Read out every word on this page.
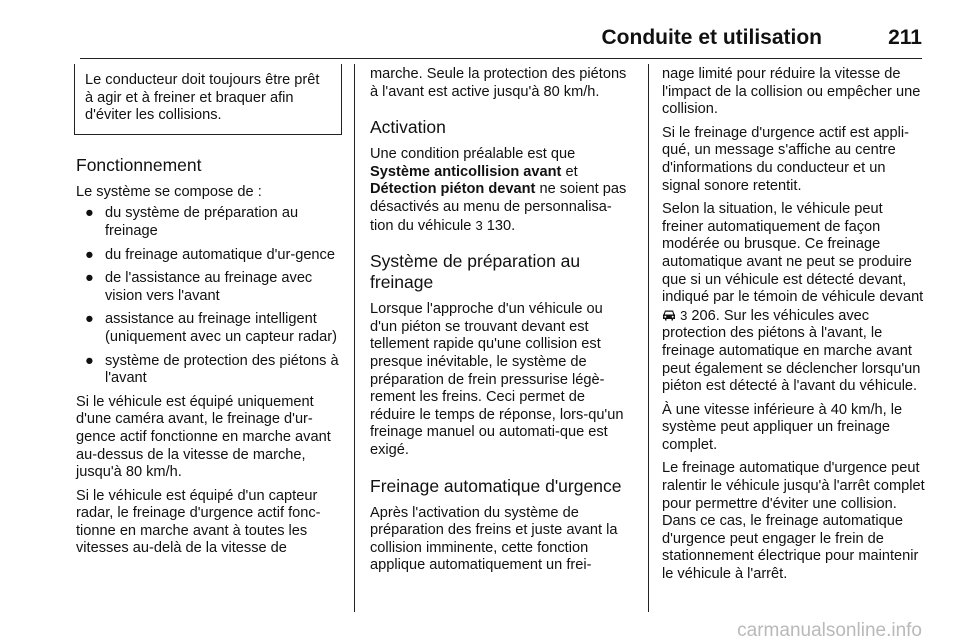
Conduite et utilisation	211
Le conducteur doit toujours être prêt à agir et à freiner et braquer afin d'éviter les collisions.
Fonctionnement

Le système se compose de :

● du système de préparation au freinage
● du freinage automatique d'ur-gence
● de l'assistance au freinage avec vision vers l'avant
● assistance au freinage intelligent (uniquement avec un capteur radar)
● système de protection des piétons à l'avant

Si le véhicule est équipé uniquement d'une caméra avant, le freinage d'ur-gence actif fonctionne en marche avant au-dessus de la vitesse de marche, jusqu'à 80 km/h.

Si le véhicule est équipé d'un capteur radar, le freinage d'urgence actif fonc-tionne en marche avant à toutes les vitesses au-delà de la vitesse de

marche. Seule la protection des piétons à l'avant est active jusqu'à 80 km/h.

Activation

Une condition préalable est que Système anticollision avant et Détection piéton devant ne soient pas désactivés au menu de personnalisa-tion du véhicule 3 130.

Système de préparation au freinage

Lorsque l'approche d'un véhicule ou d'un piéton se trouvant devant est tellement rapide qu'une collision est presque inévitable, le système de préparation de frein pressurise légè-rement les freins. Ceci permet de réduire le temps de réponse, lors-qu'un freinage manuel ou automati-que est exigé.

Freinage automatique d'urgence

Après l'activation du système de préparation des freins et juste avant la collision imminente, cette fonction applique automatiquement un frei-

nage limité pour réduire la vitesse de l'impact de la collision ou empêcher une collision.

Si le freinage d'urgence actif est appli-qué, un message s'affiche au centre d'informations du conducteur et un signal sonore retentit.

Selon la situation, le véhicule peut freiner automatiquement de façon modérée ou brusque. Ce freinage automatique avant ne peut se produire que si un véhicule est détecté devant, indiqué par le témoin de véhicule devant  3 206. Sur les véhicules avec protection des piétons à l'avant, le freinage automatique en marche avant peut également se déclencher lorsqu'un piéton est détecté à l'avant du véhicule.

À une vitesse inférieure à 40 km/h, le système peut appliquer un freinage complet.

Le freinage automatique d'urgence peut ralentir le véhicule jusqu'à l'arrêt complet pour permettre d'éviter une collision. Dans ce cas, le freinage automatique d'urgence peut engager le frein de stationnement électrique pour maintenir le véhicule à l'arrêt.

carmanualsonline.info
